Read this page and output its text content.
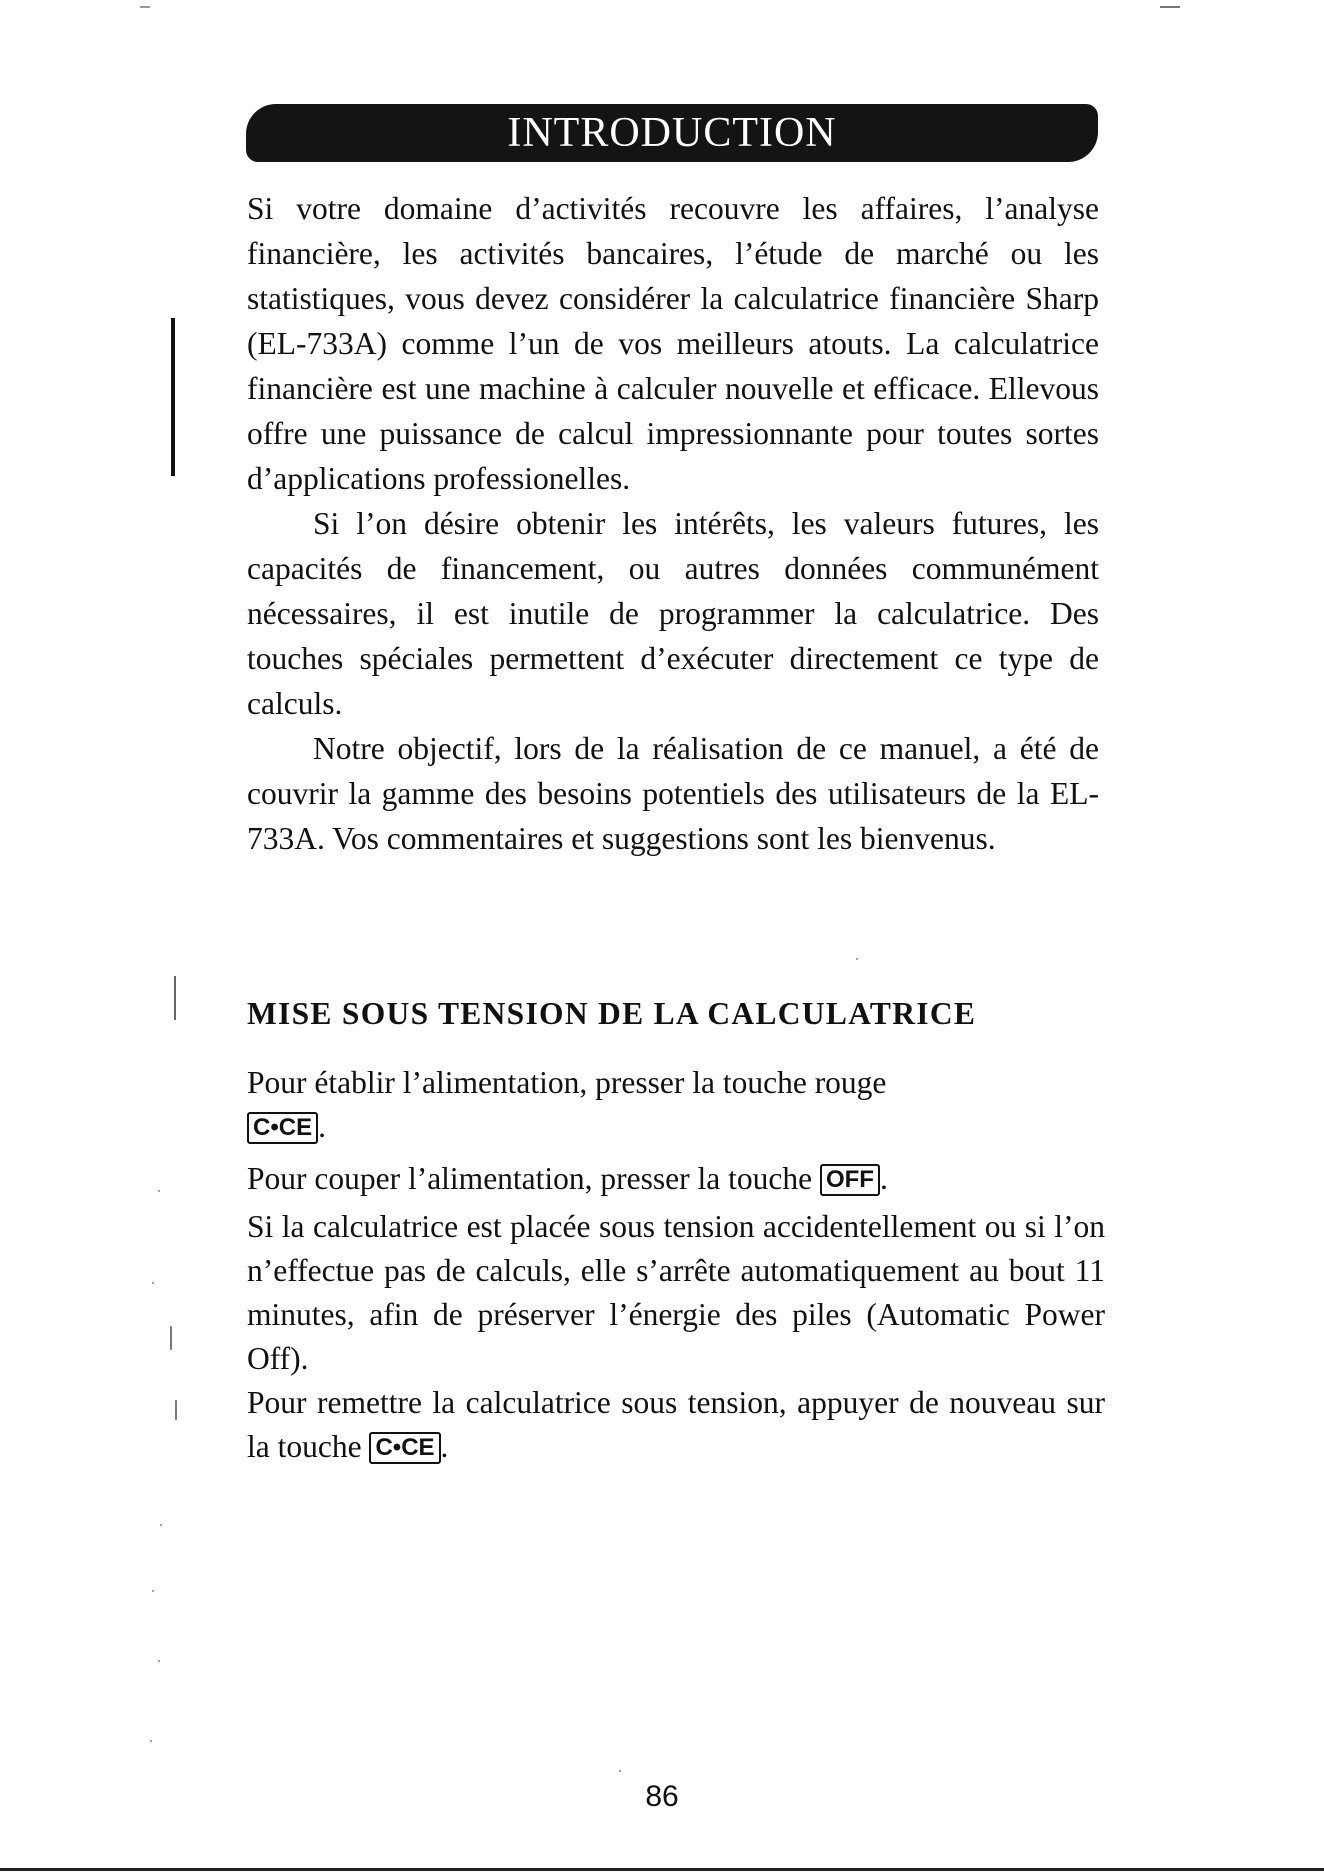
INTRODUCTION

Si votre domaine d’activités recouvre les affaires, l’analyse financière, les activités bancaires, l’étude de marché ou les statistiques, vous devez considérer la calculatrice financière Sharp (EL-733A) comme l’un de vos meilleurs atouts. La calculatrice financière est une machine à calculer nouvelle et efficace. Ellevous offre une puissance de calcul impressionnante pour toutes sortes d’applications professionelles.

Si l’on désire obtenir les intérêts, les valeurs futures, les capacités de financement, ou autres données communément nécessaires, il est inutile de programmer la calculatrice. Des touches spéciales permettent d’exécuter directement ce type de calculs.

Notre objectif, lors de la réalisation de ce manuel, a été de couvrir la gamme des besoins potentiels des utilisateurs de la EL-733A. Vos commentaires et suggestions sont les bienvenus.

MISE SOUS TENSION DE LA CALCULATRICE

Pour établir l’alimentation, presser la touche rouge
C•CE .

Pour couper l’alimentation, presser la touche OFF .

Si la calculatrice est placée sous tension accidentellement ou si l’on n’effectue pas de calculs, elle s’arrête automatiquement au bout 11 minutes, afin de préserver l’énergie des piles (Automatic Power Off).

Pour remettre la calculatrice sous tension, appuyer de nouveau sur la touche C•CE .

86
